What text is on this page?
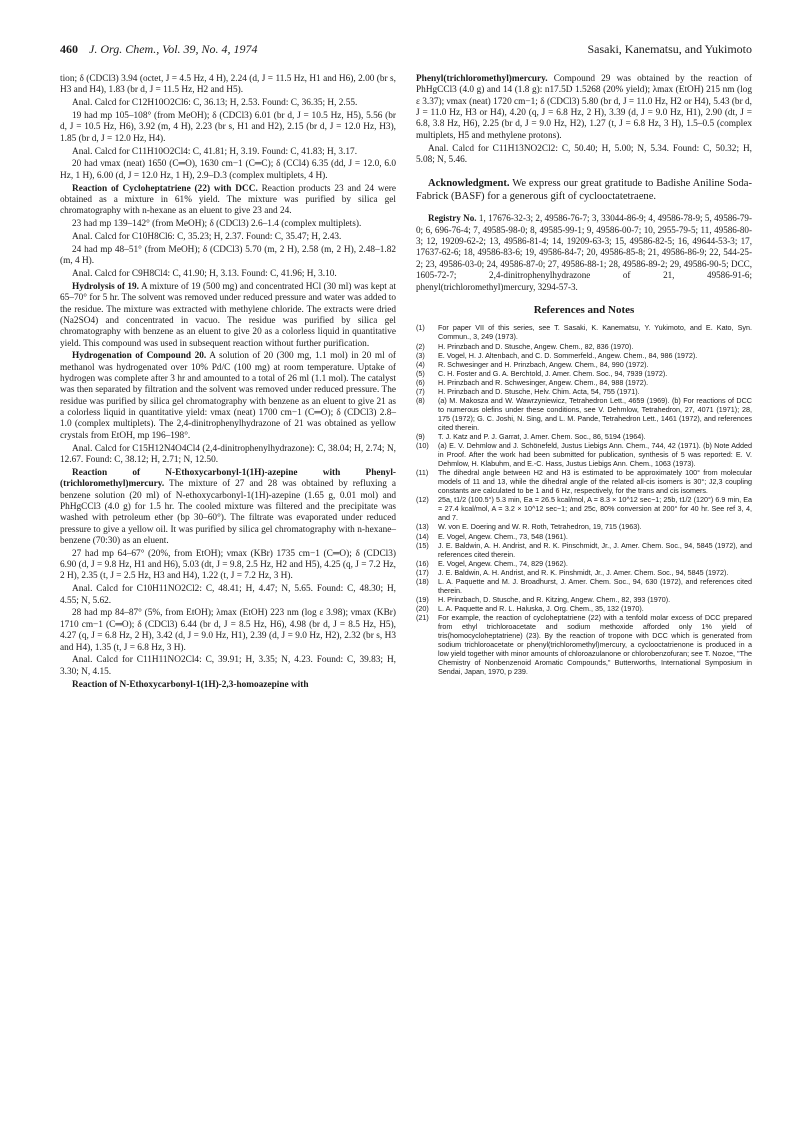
460 J. Org. Chem., Vol. 39, No. 4, 1974	Sasaki, Kanematsu, and Yukimoto

tion; δ (CDCl3) 3.94 (octet, J = 4.5 Hz, 4 H), 2.24 (d, J = 11.5 Hz, H1 and H6), 2.00 (br s, H3 and H4), 1.83 (br d, J = 11.5 Hz, H2 and H5).

Anal. Calcd for C12H10O2Cl6: C, 36.13; H, 2.53. Found: C, 36.35; H, 2.55.

19 had mp 105–108° (from MeOH); δ (CDCl3) 6.01 (br d, J = 10.5 Hz, H5), 5.56 (br d, J = 10.5 Hz, H6), 3.92 (m, 4 H), 2.23 (br s, H1 and H2), 2.15 (br d, J = 12.0 Hz, H3), 1.85 (br d, J = 12.0 Hz, H4).

Anal. Calcd for C11H10O2Cl4: C, 41.81; H, 3.19. Found: C, 41.83; H, 3.17.

20 had νmax (neat) 1650 (C═O), 1630 cm−1 (C═C); δ (CCl4) 6.35 (dd, J = 12.0, 6.0 Hz, 1 H), 6.00 (d, J = 12.0 Hz, 1 H), 2.9–D.3 (complex multiplets, 4 H).

Reaction of Cycloheptatriene (22) with DCC. Reaction products 23 and 24 were obtained as a mixture in 61% yield. The mixture was purified by silica gel chromatography with n-hexane as an eluent to give 23 and 24.

23 had mp 139–142° (from MeOH); δ (CDCl3) 2.6–1.4 (complex multiplets).

Anal. Calcd for C10H8Cl6: C, 35.23; H, 2.37. Found: C, 35.47; H, 2.43.

24 had mp 48–51° (from MeOH); δ (CDCl3) 5.70 (m, 2 H), 2.58 (m, 2 H), 2.48–1.82 (m, 4 H).

Anal. Calcd for C9H8Cl4: C, 41.90; H, 3.13. Found: C, 41.96; H, 3.10.

Hydrolysis of 19. A mixture of 19 (500 mg) and concentrated HCl (30 ml) was kept at 65–70° for 5 hr. The solvent was removed under reduced pressure and water was added to the residue. The mixture was extracted with methylene chloride. The extracts were dried (Na2SO4) and concentrated in vacuo. The residue was purified by silica gel chromatography with benzene as an eluent to give 20 as a colorless liquid in quantitative yield. This compound was used in subsequent reaction without further purification.

Hydrogenation of Compound 20. A solution of 20 (300 mg, 1.1 mol) in 20 ml of methanol was hydrogenated over 10% Pd/C (100 mg) at room temperature. Uptake of hydrogen was complete after 3 hr and amounted to a total of 26 ml (1.1 mol). The catalyst was then separated by filtration and the solvent was removed under reduced pressure. The residue was purified by silica gel chromatography with benzene as an eluent to give 21 as a colorless liquid in quantitative yield: νmax (neat) 1700 cm−1 (C═O); δ (CDCl3) 2.8–1.0 (complex multiplets). The 2,4-dinitrophenylhydrazone of 21 was obtained as yellow crystals from EtOH, mp 196–198°.

Anal. Calcd for C15H12N4O4Cl4 (2,4-dinitrophenylhydrazone): C, 38.04; H, 2.74; N, 12.67. Found: C, 38.12; H, 2.71; N, 12.50.

Reaction of N-Ethoxycarbonyl-1(1H)-azepine with Phenyl-(trichloromethyl)mercury. The mixture of 27 and 28 was obtained by refluxing a benzene solution (20 ml) of N-ethoxycarbonyl-1(1H)-azepine (1.65 g, 0.01 mol) and PhHgCCl3 (4.0 g) for 1.5 hr. The cooled mixture was filtered and the precipitate was washed with petroleum ether (bp 30–60°). The filtrate was evaporated under reduced pressure to give a yellow oil. It was purified by silica gel chromatography with n-hexane–benzene (70:30) as an eluent.

27 had mp 64–67° (20%, from EtOH); νmax (KBr) 1735 cm−1 (C═O); δ (CDCl3) 6.90 (d, J = 9.8 Hz, H1 and H6), 5.03 (dt, J = 9.8, 2.5 Hz, H2 and H5), 4.25 (q, J = 7.2 Hz, 2 H), 2.35 (t, J = 2.5 Hz, H3 and H4), 1.22 (t, J = 7.2 Hz, 3 H).

Anal. Calcd for C10H11NO2Cl2: C, 48.41; H, 4.47; N, 5.65. Found: C, 48.30; H, 4.55; N, 5.62.

28 had mp 84–87° (5%, from EtOH); λmax (EtOH) 223 nm (log ε 3.98); νmax (KBr) 1710 cm−1 (C═O); δ (CDCl3) 6.44 (br d, J = 8.5 Hz, H6), 4.98 (br d, J = 8.5 Hz, H5), 4.27 (q, J = 6.8 Hz, 2 H), 3.42 (d, J = 9.0 Hz, H1), 2.39 (d, J = 9.0 Hz, H2), 2.32 (br s, H3 and H4), 1.35 (t, J = 6.8 Hz, 3 H).

Anal. Calcd for C11H11NO2Cl4: C, 39.91; H, 3.35; N, 4.23. Found: C, 39.83; H, 3.30; N, 4.15.

Reaction of N-Ethoxycarbonyl-1(1H)-2,3-homoazepine with

Phenyl(trichloromethyl)mercury. Compound 29 was obtained by the reaction of PhHgCCl3 (4.0 g) and 14 (1.8 g): n17.5D 1.5268 (20% yield); λmax (EtOH) 215 nm (log ε 3.37); νmax (neat) 1720 cm−1; δ (CDCl3) 5.80 (br d, J = 11.0 Hz, H2 or H4), 5.43 (br d, J = 11.0 Hz, H3 or H4), 4.20 (q, J = 6.8 Hz, 2 H), 3.39 (d, J = 9.0 Hz, H1), 2.90 (dt, J = 6.8, 3.8 Hz, H6), 2.25 (br d, J = 9.0 Hz, H2), 1.27 (t, J = 6.8 Hz, 3 H), 1.5–0.5 (complex multiplets, H5 and methylene protons).

Anal. Calcd for C11H13NO2Cl2: C, 50.40; H, 5.00; N, 5.34. Found: C, 50.32; H, 5.08; N, 5.46.

Acknowledgment. We express our great gratitude to Badishe Aniline Soda-Fabrick (BASF) for a generous gift of cyclooctatetraene.

Registry No. 1, 17676-32-3; 2, 49586-76-7; 3, 33044-86-9; 4, 49586-78-9; 5, 49586-79-0; 6, 696-76-4; 7, 49585-98-0; 8, 49585-99-1; 9, 49586-00-7; 10, 2955-79-5; 11, 49586-80-3; 12, 19209-62-2; 13, 49586-81-4; 14, 19209-63-3; 15, 49586-82-5; 16, 49644-53-3; 17, 17637-62-6; 18, 49586-83-6; 19, 49586-84-7; 20, 49586-85-8; 21, 49586-86-9; 22, 544-25-2; 23, 49586-03-0; 24, 49586-87-0; 27, 49586-88-1; 28, 49586-89-2; 29, 49586-90-5; DCC, 1605-72-7; 2,4-dinitrophenylhydrazone of 21, 49586-91-6; phenyl(trichloromethyl)mercury, 3294-57-3.

References and Notes
(1)	For paper VII of this series, see T. Sasaki, K. Kanematsu, Y. Yukimoto, and E. Kato, Syn. Commun., 3, 249 (1973).
(2)	H. Prinzbach and D. Stusche, Angew. Chem., 82, 836 (1970).
(3)	E. Vogel, H. J. Altenbach, and C. D. Sommerfeld., Angew. Chem., 84, 986 (1972).
(4)	R. Schwesinger and H. Prinzbach, Angew. Chem., 84, 990 (1972).
(5)	C. H. Foster and G. A. Berchtold, J. Amer. Chem. Soc., 94, 7939 (1972).
(6)	H. Prinzbach and R. Schwesinger, Angew. Chem., 84, 988 (1972).
(7)	H. Prinzbach and D. Stusche, Helv. Chim. Acta, 54, 755 (1971).
(8)	(a) M. Makosza and W. Wawrzyniewicz, Tetrahedron Lett., 4659 (1969). (b) For reactions of DCC to numerous olefins under these conditions, see V. Dehmlow, Tetrahedron, 27, 4071 (1971); 28, 175 (1972); G. C. Joshi, N. Sing, and L. M. Pande, Tetrahedron Lett., 1461 (1972), and references cited therein.
(9)	T. J. Katz and P. J. Garrat, J. Amer. Chem. Soc., 86, 5194 (1964).
(10)	(a) E. V. Dehmlow and J. Schönefeld, Justus Liebigs Ann. Chem., 744, 42 (1971). (b) Note Added in Proof. After the work had been submitted for publication, synthesis of 5 was reported: E. V. Dehmlow, H. Klabuhm, and E.-C. Hass, Justus Liebigs Ann. Chem., 1063 (1973).
(11)	The dihedral angle between H2 and H3 is estimated to be approximately 100° from molecular models of 11 and 13, while the dihedral angle of the related all-cis isomers is 30°; J2,3 coupling constants are calculated to be 1 and 6 Hz, respectively, for the trans and cis isomers.
(12)	25a, t1/2 (100.5°) 5.3 min, Ea = 26.5 kcal/mol, A = 8.3 × 10^12 sec−1; 25b, t1/2 (120°) 6.9 min, Ea = 27.4 kcal/mol, A = 3.2 × 10^12 sec−1; and 25c, 80% conversion at 200° for 40 hr. See ref 3, 4, and 7.
(13)	W. von E. Doering and W. R. Roth, Tetrahedron, 19, 715 (1963).
(14)	E. Vogel, Angew. Chem., 73, 548 (1961).
(15)	J. E. Baldwin, A. H. Andrist, and R. K. Pinschmidt, Jr., J. Amer. Chem. Soc., 94, 5845 (1972), and references cited therein.
(16)	E. Vogel, Angew. Chem., 74, 829 (1962).
(17)	J. E. Baldwin, A. H. Andrist, and R. K. Pinshmidt, Jr., J. Amer. Chem. Soc., 94, 5845 (1972).
(18)	L. A. Paquette and M. J. Broadhurst, J. Amer. Chem. Soc., 94, 630 (1972), and references cited therein.
(19)	H. Prinzbach, D. Stusche, and R. Kitzing, Angew. Chem., 82, 393 (1970).
(20)	L. A. Paquette and R. L. Haluska, J. Org. Chem., 35, 132 (1970).
(21)	For example, the reaction of cycloheptatriene (22) with a tenfold molar excess of DCC prepared from ethyl trichloroacetate and sodium methoxide afforded only 1% yield of tris(homocycloheptatriene) (23). By the reaction of tropone with DCC which is generated from sodium trichloroacetate or phenyl(trichloromethyl)mercury, a cyclooctatrienone is produced in a low yield together with minor amounts of chloroazulanone or chlorobenzofuran; see T. Nozoe, "The Chemistry of Nonbenzenoid Aromatic Compounds," Butterworths, International Symposium in Sendai, Japan, 1970, p 239.
